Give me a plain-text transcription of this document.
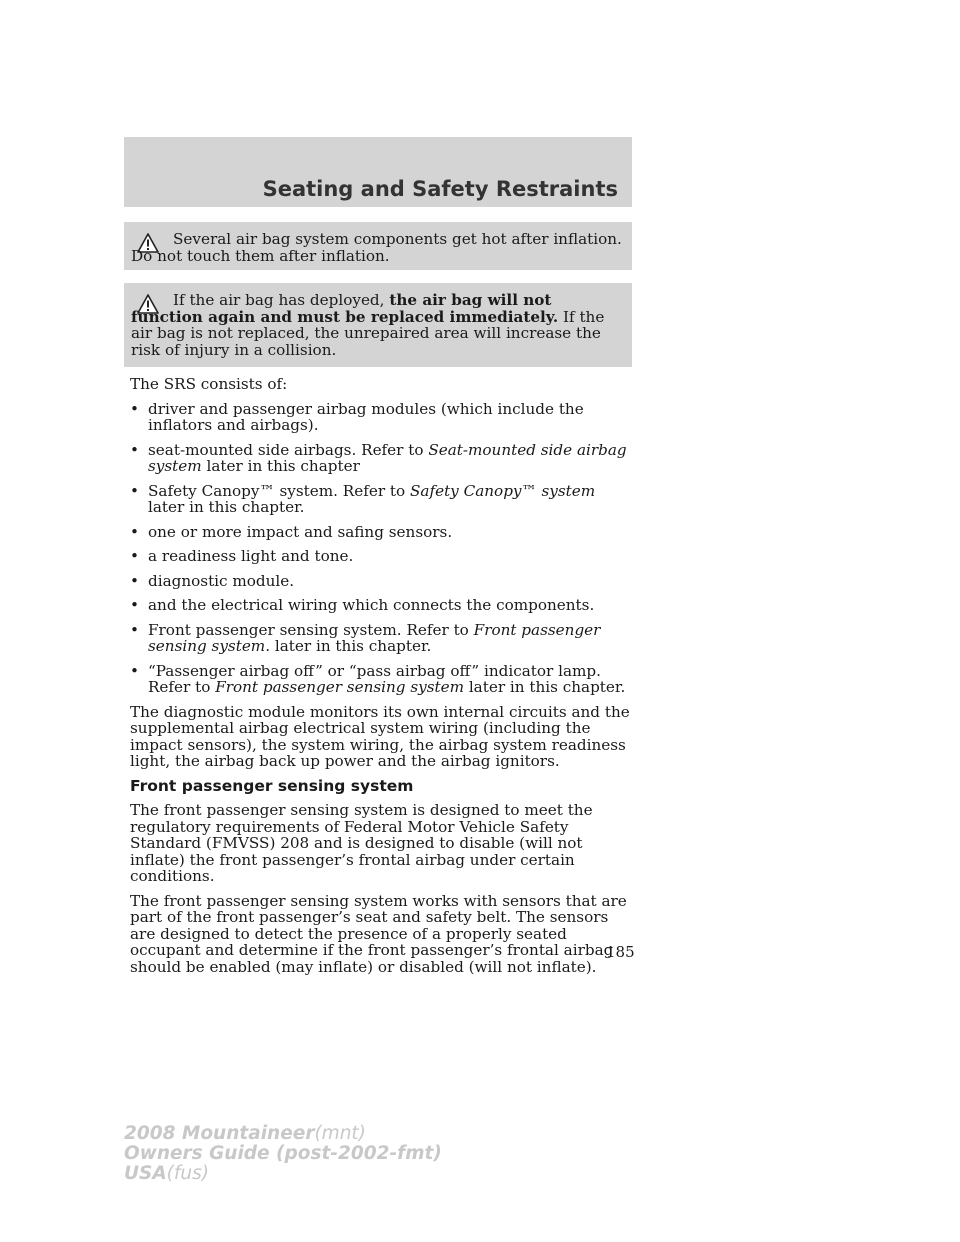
Seating and Safety Restraints
Several air bag system components get hot after inflation. Do not touch them after inflation.
If the air bag has deployed, the air bag will not function again and must be replaced immediately. If the air bag is not replaced, the unrepaired area will increase the risk of injury in a collision.

The SRS consists of:

• driver and passenger airbag modules (which include the inflators and airbags).
• seat-mounted side airbags. Refer to Seat-mounted side airbag system later in this chapter
• Safety Canopy™ system. Refer to Safety Canopy™ system later in this chapter.
• one or more impact and safing sensors.
• a readiness light and tone.
• diagnostic module.
• and the electrical wiring which connects the components.
• Front passenger sensing system. Refer to Front passenger sensing system. later in this chapter.
• “Passenger airbag off” or “pass airbag off” indicator lamp. Refer to Front passenger sensing system later in this chapter.

The diagnostic module monitors its own internal circuits and the supplemental airbag electrical system wiring (including the impact sensors), the system wiring, the airbag system readiness light, the airbag back up power and the airbag ignitors.

Front passenger sensing system

The front passenger sensing system is designed to meet the regulatory requirements of Federal Motor Vehicle Safety Standard (FMVSS) 208 and is designed to disable (will not inflate) the front passenger’s frontal airbag under certain conditions.

The front passenger sensing system works with sensors that are part of the front passenger’s seat and safety belt. The sensors are designed to detect the presence of a properly seated occupant and determine if the front passenger’s frontal airbag should be enabled (may inflate) or disabled (will not inflate).

185
2008 Mountaineer(mnt)
Owners Guide (post-2002-fmt)
USA(fus)
